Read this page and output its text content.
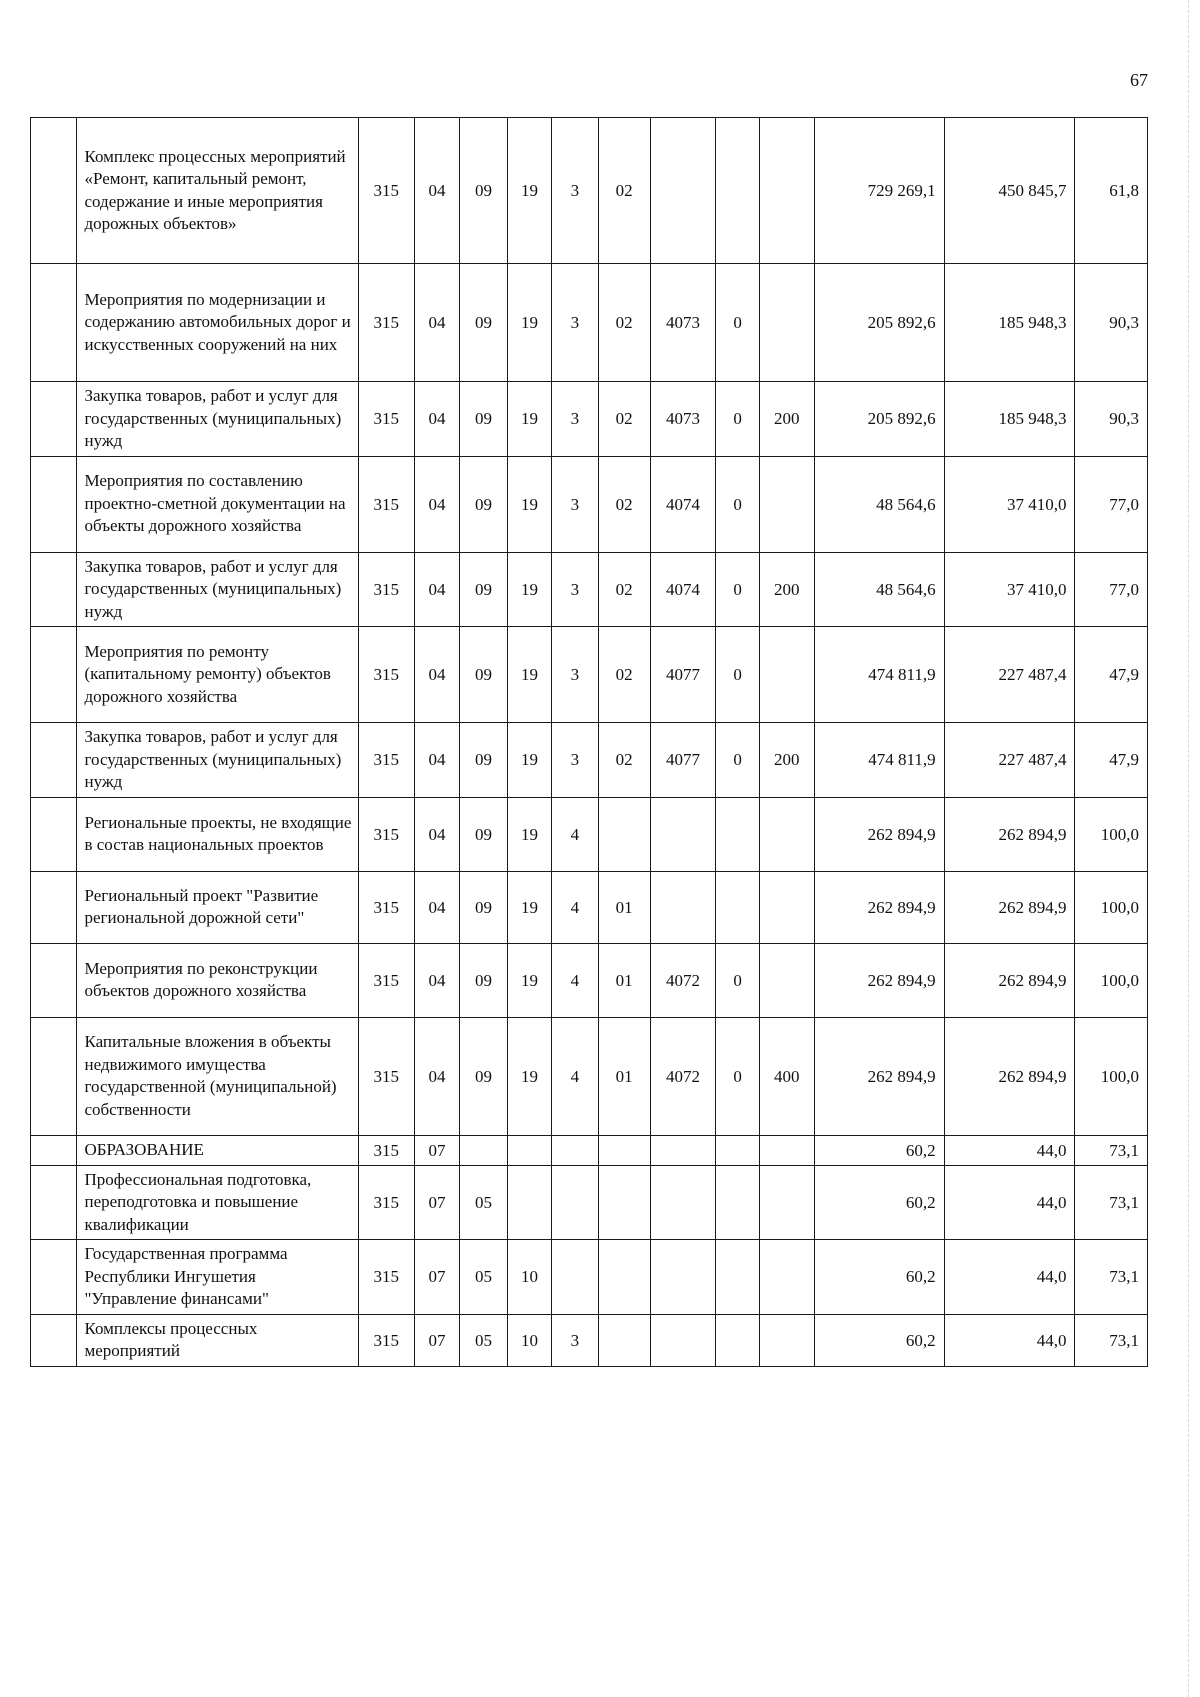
67
	Комплекс процессных мероприятий «Ремонт, капитальный ремонт, содержание и иные мероприятия дорожных объектов»	315	04	09	19	3	02				729 269,1	450 845,7	61,8
	Мероприятия по модернизации и содержанию автомобильных дорог и искусственных сооружений на них	315	04	09	19	3	02	4073	0		205 892,6	185 948,3	90,3
	Закупка товаров, работ и услуг для государственных (муниципальных) нужд	315	04	09	19	3	02	4073	0	200	205 892,6	185 948,3	90,3
	Мероприятия по составлению проектно-сметной документации на объекты дорожного хозяйства	315	04	09	19	3	02	4074	0		48 564,6	37 410,0	77,0
	Закупка товаров, работ и услуг для государственных (муниципальных) нужд	315	04	09	19	3	02	4074	0	200	48 564,6	37 410,0	77,0
	Мероприятия по ремонту (капитальному ремонту) объектов дорожного хозяйства	315	04	09	19	3	02	4077	0		474 811,9	227 487,4	47,9
	Закупка товаров, работ и услуг для государственных (муниципальных) нужд	315	04	09	19	3	02	4077	0	200	474 811,9	227 487,4	47,9
	Региональные проекты, не входящие в состав национальных проектов	315	04	09	19	4					262 894,9	262 894,9	100,0
	Региональный проект "Развитие региональной дорожной сети"	315	04	09	19	4	01				262 894,9	262 894,9	100,0
	Мероприятия по реконструкции объектов дорожного хозяйства	315	04	09	19	4	01	4072	0		262 894,9	262 894,9	100,0
	Капитальные вложения в объекты недвижимого имущества государственной (муниципальной) собственности	315	04	09	19	4	01	4072	0	400	262 894,9	262 894,9	100,0
	ОБРАЗОВАНИЕ	315	07								60,2	44,0	73,1
	Профессиональная подготовка, переподготовка и повышение квалификации	315	07	05							60,2	44,0	73,1
	Государственная программа Республики Ингушетия "Управление финансами"	315	07	05	10						60,2	44,0	73,1
	Комплексы процессных мероприятий	315	07	05	10	3					60,2	44,0	73,1
